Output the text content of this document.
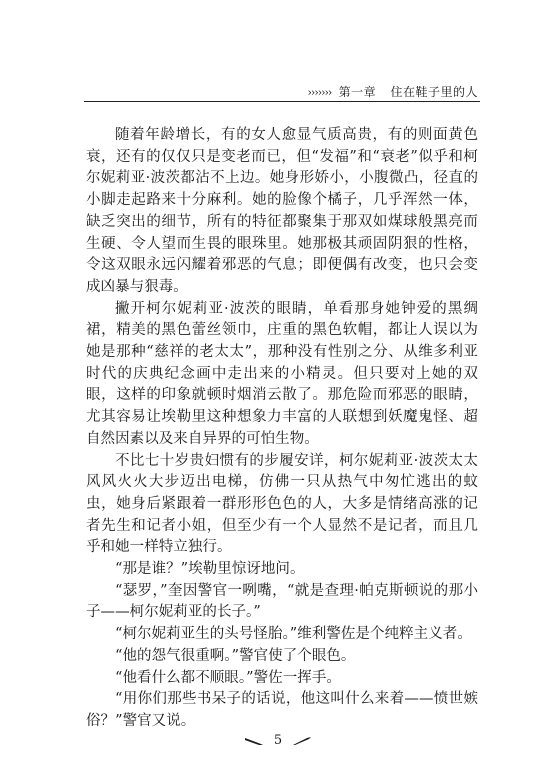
››››››› 第一章 住在鞋子里的人

随着年龄增长，有的女人愈显气质高贵，有的则面黄色衰，还有的仅仅只是变老而已，但“发福”和“衰老”似乎和柯尔妮莉亚·波茨都沾不上边。她身形娇小，小腹微凸，径直的小脚走起路来十分麻利。她的脸像个橘子，几乎浑然一体，缺乏突出的细节，所有的特征都聚集于那双如煤球般黑亮而生硬、令人望而生畏的眼珠里。她那极其顽固阴狠的性格，令这双眼永远闪耀着邪恶的气息；即便偶有改变，也只会变成凶暴与狠毒。

撇开柯尔妮莉亚·波茨的眼睛，单看那身她钟爱的黑绸裙，精美的黑色蕾丝领巾，庄重的黑色软帽，都让人误以为她是那种“慈祥的老太太”，那种没有性别之分、从维多利亚时代的庆典纪念画中走出来的小精灵。但只要对上她的双眼，这样的印象就顿时烟消云散了。那危险而邪恶的眼睛，尤其容易让埃勒里这种想象力丰富的人联想到妖魔鬼怪、超自然因素以及来自异界的可怕生物。

不比七十岁贵妇惯有的步履安详，柯尔妮莉亚·波茨太太风风火火大步迈出电梯，仿佛一只从热气中匆忙逃出的蚊虫，她身后紧跟着一群形形色色的人，大多是情绪高涨的记者先生和记者小姐，但至少有一个人显然不是记者，而且几乎和她一样特立独行。

“那是谁？”埃勒里惊讶地问。

“瑟罗，”奎因警官一咧嘴，“就是查理·帕克斯顿说的那小子——柯尔妮莉亚的长子。”

“柯尔妮莉亚生的头号怪胎。”维利警佐是个纯粹主义者。

“他的怨气很重啊。”警官使了个眼色。

“他看什么都不顺眼。”警佐一挥手。

“用你们那些书呆子的话说，他这叫什么来着——愤世嫉俗？”警官又说。

5
